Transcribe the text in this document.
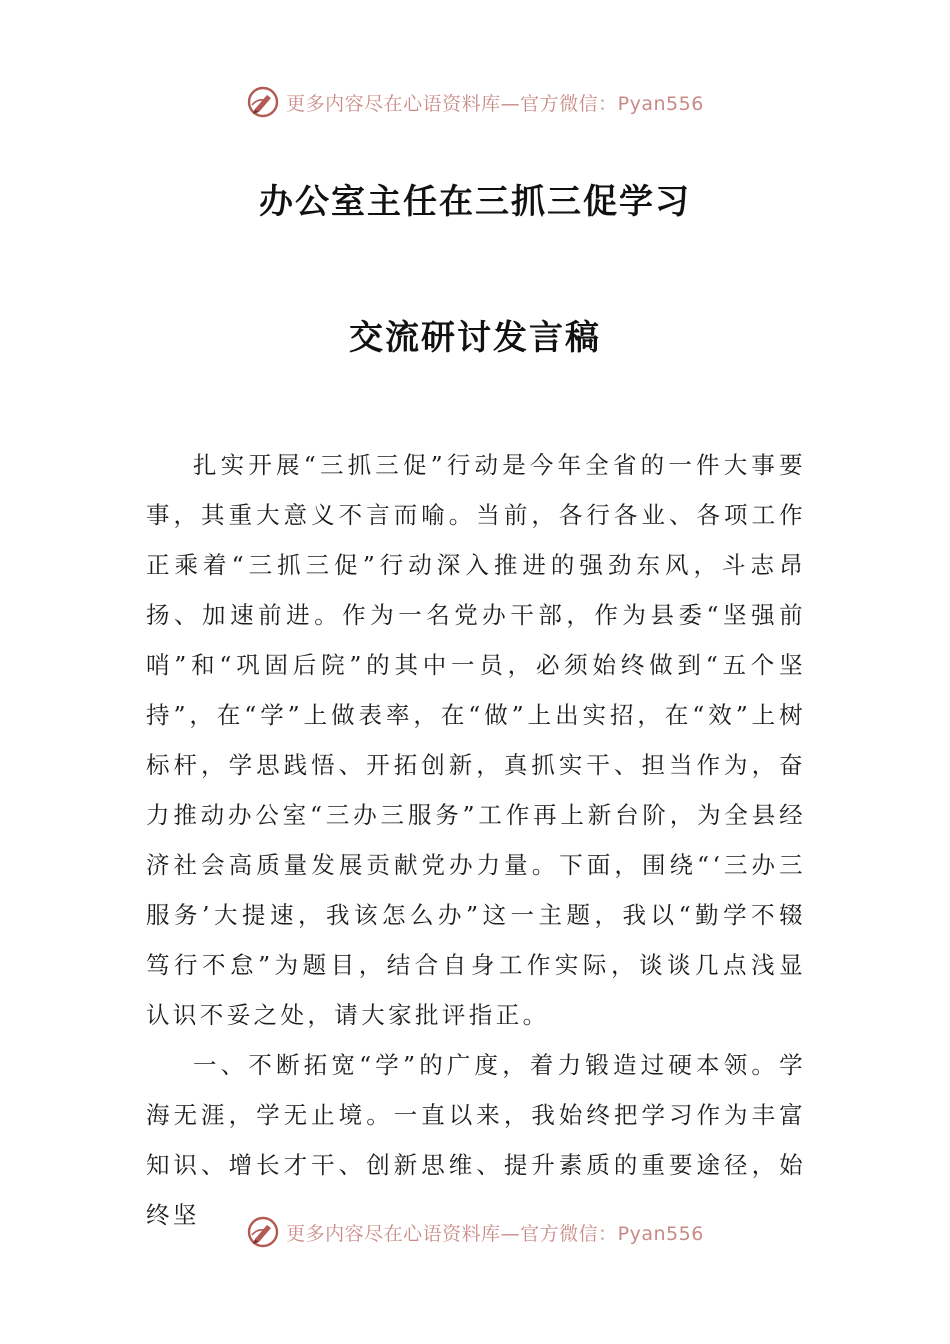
更多内容尽在心语资料库—官方微信：Pyan556
办公室主任在三抓三促学习
交流研讨发言稿

扎实开展“三抓三促”行动是今年全省的一件大事要事，其重大意义不言而喻。当前，各行各业、各项工作正乘着“三抓三促”行动深入推进的强劲东风，斗志昂扬、加速前进。作为一名党办干部，作为县委“坚强前哨”和“巩固后院”的其中一员，必须始终做到“五个坚持”，在“学”上做表率，在“做”上出实招，在“效”上树标杆，学思践悟、开拓创新，真抓实干、担当作为，奋力推动办公室“三办三服务”工作再上新台阶，为全县经济社会高质量发展贡献党办力量。下面，围绕“‘三办三服务’大提速，我该怎么办”这一主题，我以“勤学不辍笃行不怠”为题目，结合自身工作实际，谈谈几点浅显认识不妥之处，请大家批评指正。

一、不断拓宽“学”的广度，着力锻造过硬本领。学海无涯，学无止境。一直以来，我始终把学习作为丰富知识、增长才干、创新思维、提升素质的重要途径，始终坚

更多内容尽在心语资料库—官方微信：Pyan556
